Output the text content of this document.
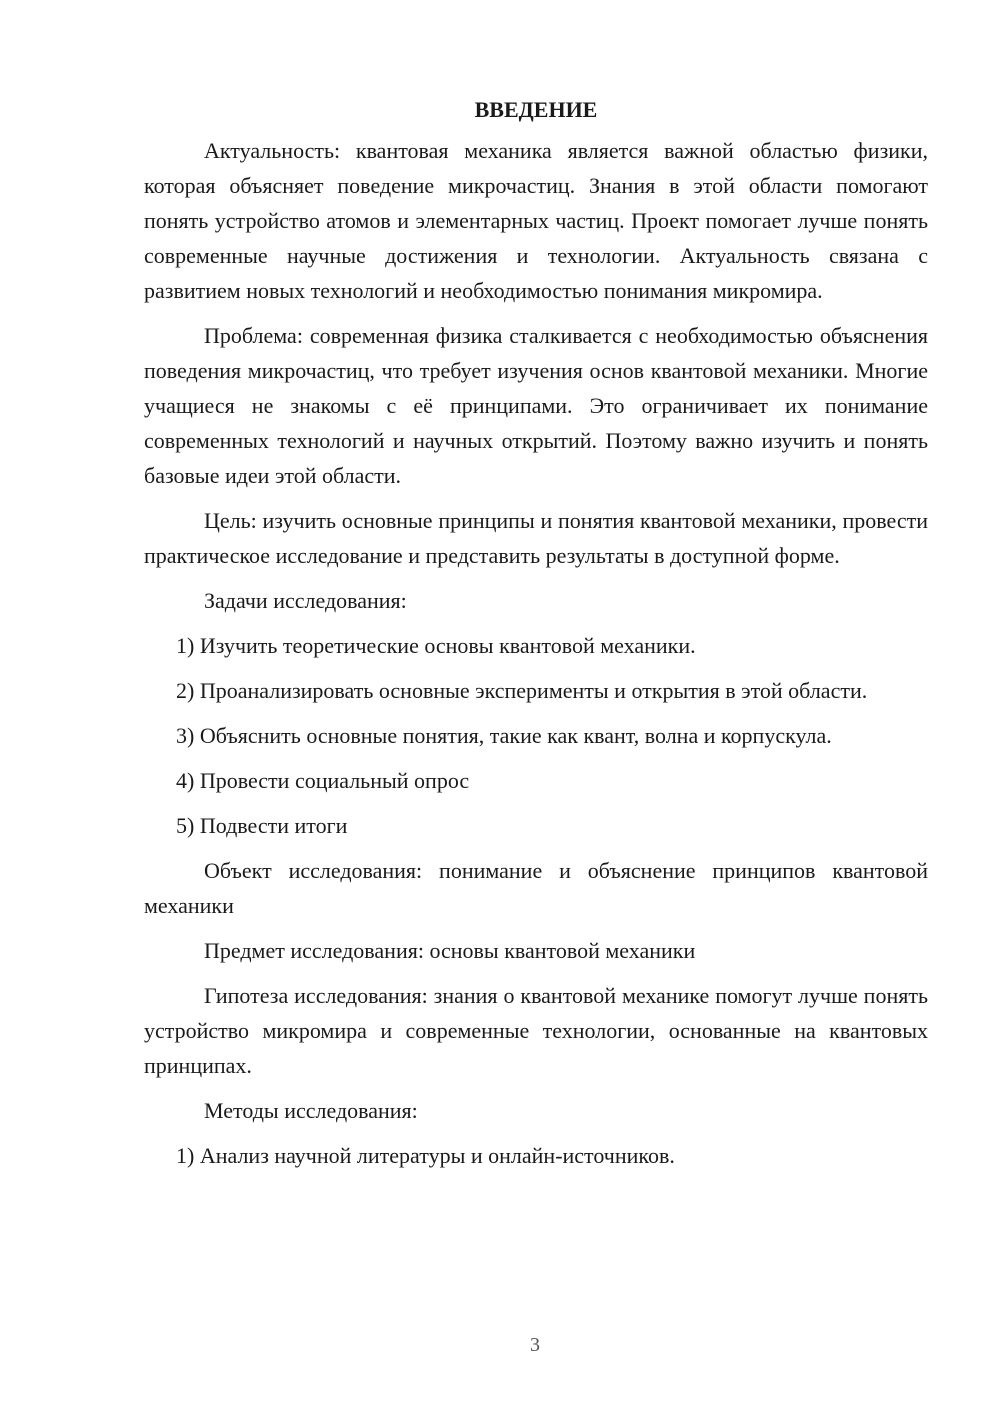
ВВЕДЕНИЕ

Актуальность: квантовая механика является важной областью физики, которая объясняет поведение микрочастиц. Знания в этой области помогают понять устройство атомов и элементарных частиц. Проект помогает лучше понять современные научные достижения и технологии. Актуальность связана с развитием новых технологий и необходимостью понимания микромира.

Проблема: современная физика сталкивается с необходимостью объяснения поведения микрочастиц, что требует изучения основ квантовой механики. Многие учащиеся не знакомы с её принципами. Это ограничивает их понимание современных технологий и научных открытий. Поэтому важно изучить и понять базовые идеи этой области.

Цель: изучить основные принципы и понятия квантовой механики, провести практическое исследование и представить результаты в доступной форме.

Задачи исследования:

1) Изучить теоретические основы квантовой механики.

2) Проанализировать основные эксперименты и открытия в этой области.

3) Объяснить основные понятия, такие как квант, волна и корпускула.

4) Провести социальный опрос

5) Подвести итоги

Объект исследования: понимание и объяснение принципов квантовой механики

Предмет исследования: основы квантовой механики

Гипотеза исследования: знания о квантовой механике помогут лучше понять устройство микромира и современные технологии, основанные на квантовых принципах.

Методы исследования:

1) Анализ научной литературы и онлайн-источников.

3
